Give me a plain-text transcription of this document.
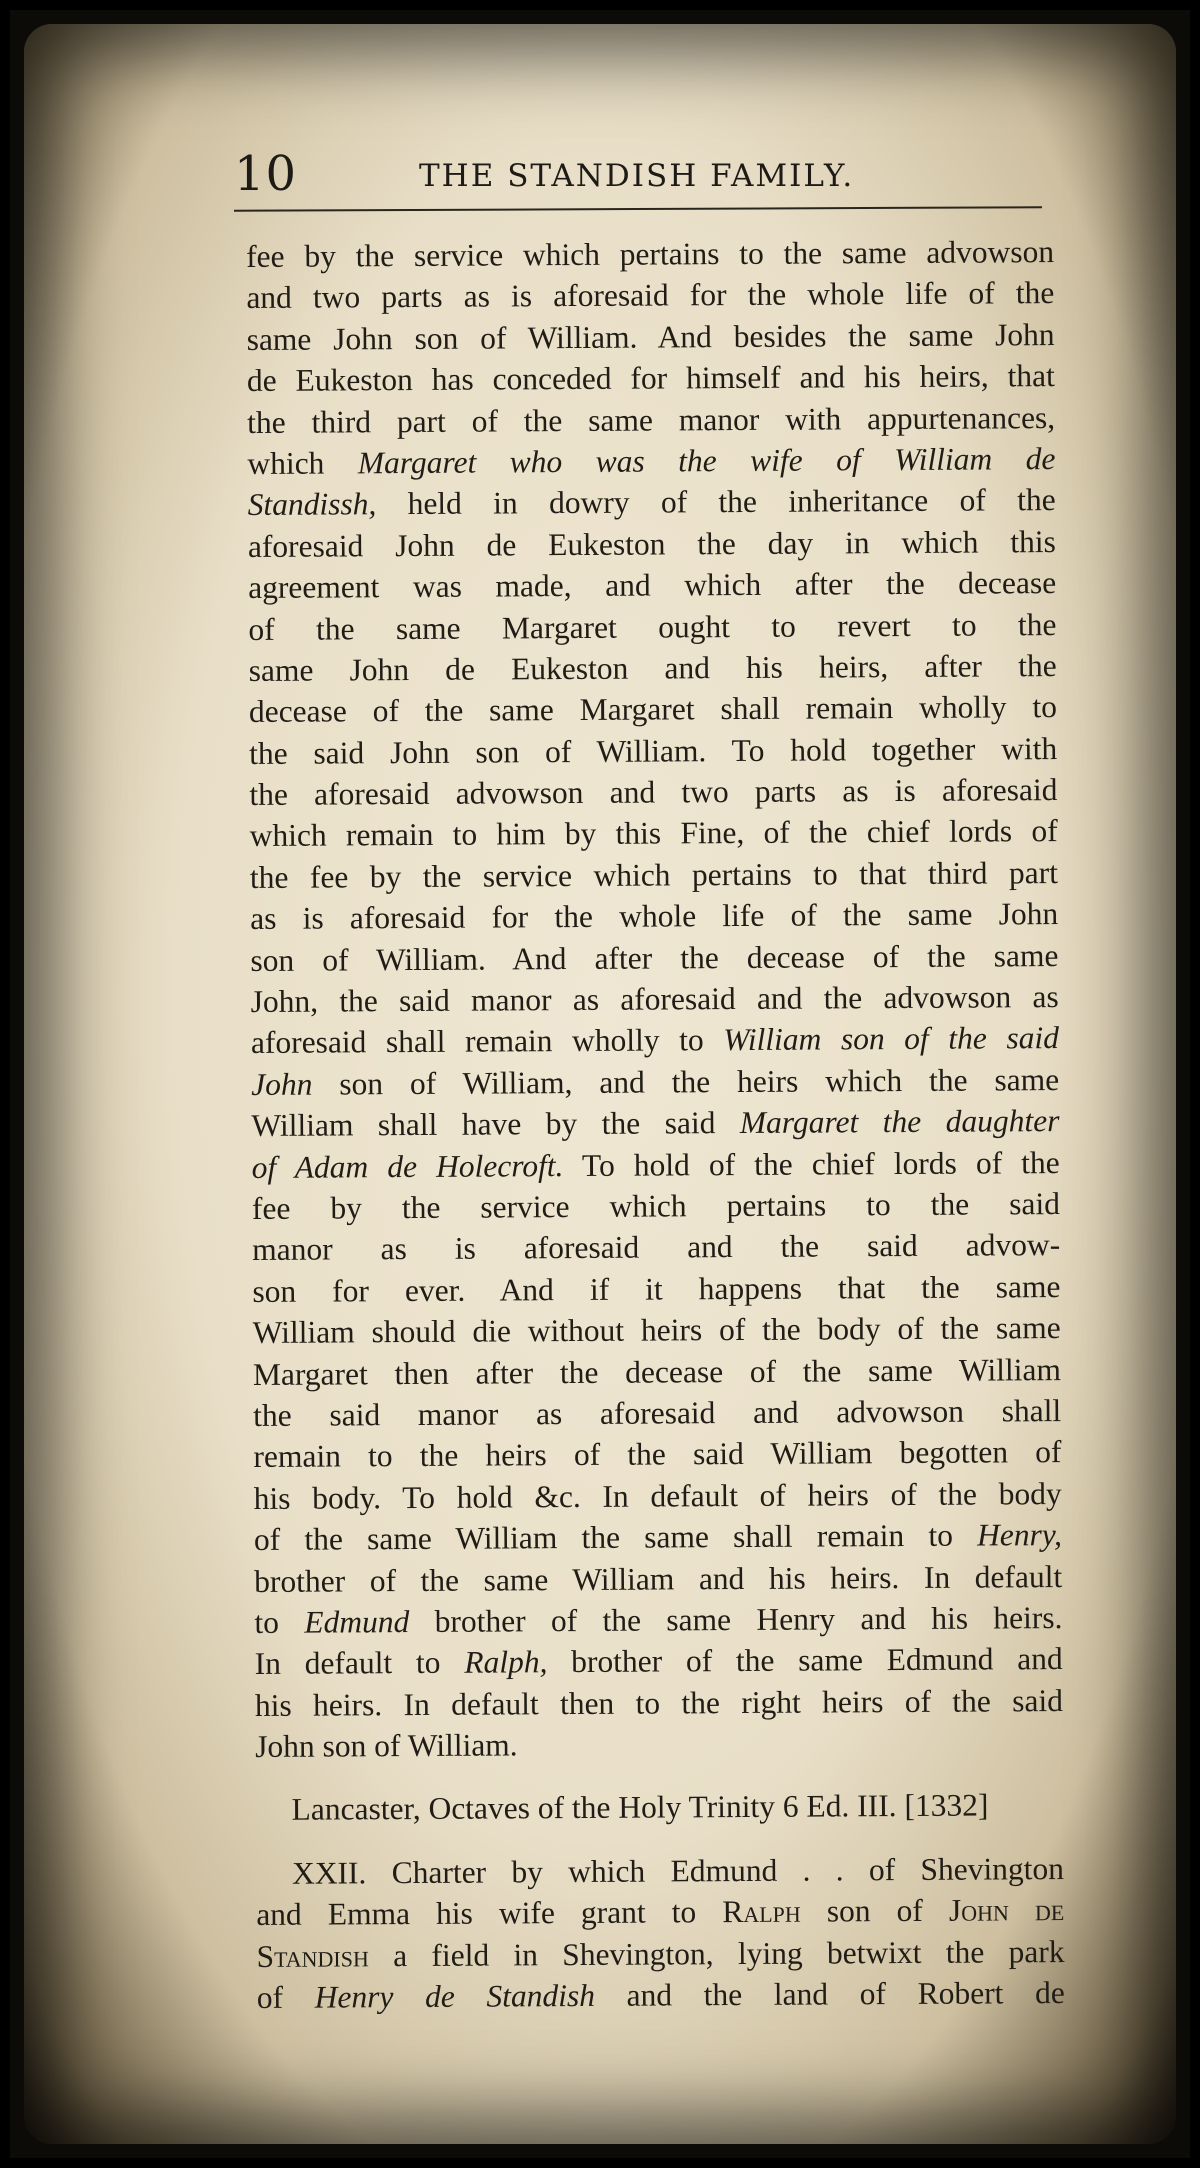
10	THE STANDISH FAMILY.
fee by the service which pertains to the same advowson
and two parts as is aforesaid for the whole life of the
same John son of William. And besides the same John
de Eukeston has conceded for himself and his heirs, that
the third part of the same manor with appurtenances,
which Margaret who was the wife of William de
Standissh, held in dowry of the inheritance of the
aforesaid John de Eukeston the day in which this
agreement was made, and which after the decease
of the same Margaret ought to revert to the
same John de Eukeston and his heirs, after the
decease of the same Margaret shall remain wholly to
the said John son of William. To hold together with
the aforesaid advowson and two parts as is aforesaid
which remain to him by this Fine, of the chief lords of
the fee by the service which pertains to that third part
as is aforesaid for the whole life of the same John
son of William. And after the decease of the same
John, the said manor as aforesaid and the advowson as
aforesaid shall remain wholly to William son of the said
John son of William, and the heirs which the same
William shall have by the said Margaret the daughter
of Adam de Holecroft. To hold of the chief lords of the
fee by the service which pertains to the said
manor as is aforesaid and the said advow-
son for ever. And if it happens that the same
William should die without heirs of the body of the same
Margaret then after the decease of the same William
the said manor as aforesaid and advowson shall
remain to the heirs of the said William begotten of
his body. To hold &c. In default of heirs of the body
of the same William the same shall remain to Henry,
brother of the same William and his heirs. In default
to Edmund brother of the same Henry and his heirs.
In default to Ralph, brother of the same Edmund and
his heirs. In default then to the right heirs of the said
John son of William.
Lancaster, Octaves of the Holy Trinity 6 Ed. III. [1332]
XXII. Charter by which Edmund . . of Shevington
and Emma his wife grant to Ralph son of John de
Standish a field in Shevington, lying betwixt the park
of Henry de Standish and the land of Robert de
